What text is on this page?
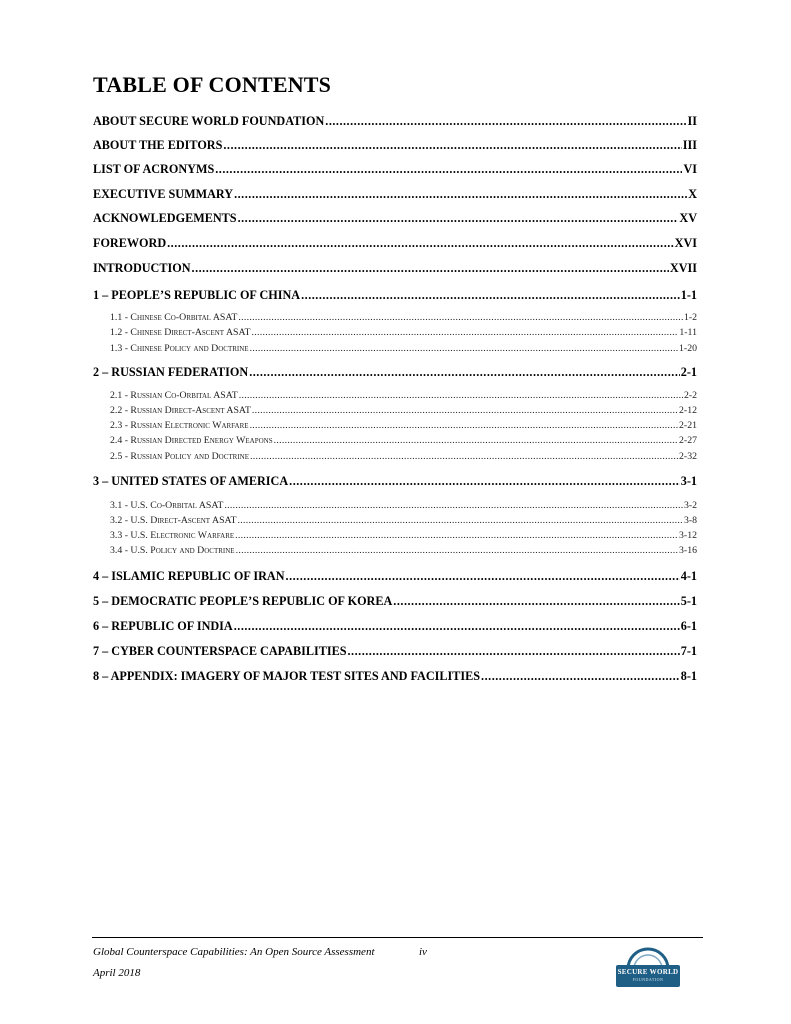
TABLE OF CONTENTS
ABOUT SECURE WORLD FOUNDATION .....	II
ABOUT THE EDITORS .....	III
LIST OF ACRONYMS .....	VI
EXECUTIVE SUMMARY .....	X
ACKNOWLEDGEMENTS .....	XV
FOREWORD .....	XVI
INTRODUCTION .....	XVII
1 – PEOPLE’S REPUBLIC OF CHINA .....	1-1
1.1 - Chinese Co-Orbital ASAT .....	1-2
1.2 - Chinese Direct-Ascent ASAT .....	1-11
1.3 - Chinese Policy and Doctrine .....	1-20
2 – RUSSIAN FEDERATION .....	2-1
2.1 - Russian Co-Orbital ASAT .....	2-2
2.2 - Russian Direct-Ascent ASAT .....	2-12
2.3 - Russian Electronic Warfare .....	2-21
2.4 - Russian Directed Energy Weapons .....	2-27
2.5 - Russian Policy and Doctrine .....	2-32
3 – UNITED STATES OF AMERICA .....	3-1
3.1 - U.S. Co-Orbital ASAT .....	3-2
3.2 - U.S. Direct-Ascent ASAT .....	3-8
3.3 - U.S. Electronic Warfare .....	3-12
3.4 - U.S. Policy and Doctrine .....	3-16
4 – ISLAMIC REPUBLIC OF IRAN .....	4-1
5 – DEMOCRATIC PEOPLE’S REPUBLIC OF KOREA .....	5-1
6 – REPUBLIC OF INDIA .....	6-1
7 – CYBER COUNTERSPACE CAPABILITIES .....	7-1
8 – APPENDIX: IMAGERY OF MAJOR TEST SITES AND FACILITIES .....	8-1
Global Counterspace Capabilities: An Open Source Assessment	iv
April 2018	SECURE WORLD
FOUNDATION
